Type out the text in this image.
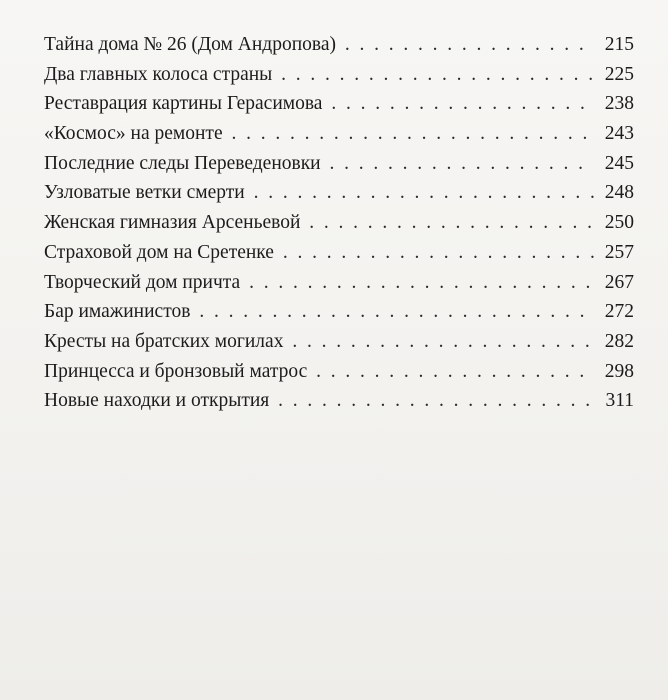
Тайна дома № 26 (Дом Андропова) . .	215
Два главных колоса страны . .	225
Реставрация картины Герасимова . .	238
«Космос» на ремонте . .	243
Последние следы Переведеновки . .	245
Узловатые ветки смерти . .	248
Женская гимназия Арсеньевой . .	250
Страховой дом на Сретенке . .	257
Творческий дом причта . .	267
Бар имажинистов . .	272
Кресты на братских могилах . .	282
Принцесса и бронзовый матрос . .	298
Новые находки и открытия . .	311
